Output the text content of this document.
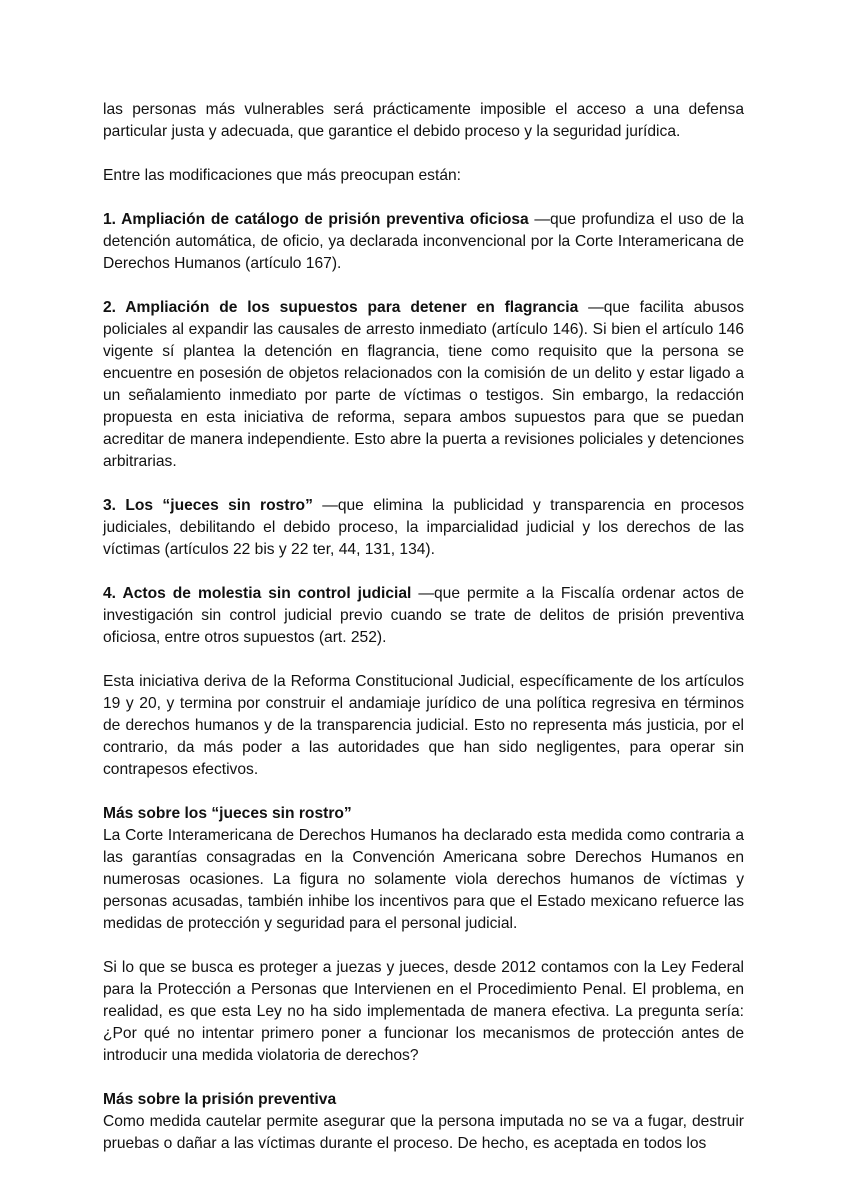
las personas más vulnerables será prácticamente imposible el acceso a una defensa particular justa y adecuada, que garantice el debido proceso y la seguridad jurídica.

Entre las modificaciones que más preocupan están:

1. Ampliación de catálogo de prisión preventiva oficiosa —que profundiza el uso de la detención automática, de oficio, ya declarada inconvencional por la Corte Interamericana de Derechos Humanos (artículo 167).

2. Ampliación de los supuestos para detener en flagrancia —que facilita abusos policiales al expandir las causales de arresto inmediato (artículo 146). Si bien el artículo 146 vigente sí plantea la detención en flagrancia, tiene como requisito que la persona se encuentre en posesión de objetos relacionados con la comisión de un delito y estar ligado a un señalamiento inmediato por parte de víctimas o testigos. Sin embargo, la redacción propuesta en esta iniciativa de reforma, separa ambos supuestos para que se puedan acreditar de manera independiente. Esto abre la puerta a revisiones policiales y detenciones arbitrarias.

3. Los “jueces sin rostro” —que elimina la publicidad y transparencia en procesos judiciales, debilitando el debido proceso, la imparcialidad judicial y los derechos de las víctimas (artículos 22 bis y 22 ter, 44, 131, 134).

4. Actos de molestia sin control judicial —que permite a la Fiscalía ordenar actos de investigación sin control judicial previo cuando se trate de delitos de prisión preventiva oficiosa, entre otros supuestos (art. 252).

Esta iniciativa deriva de la Reforma Constitucional Judicial, específicamente de los artículos 19 y 20, y termina por construir el andamiaje jurídico de una política regresiva en términos de derechos humanos y de la transparencia judicial. Esto no representa más justicia, por el contrario, da más poder a las autoridades que han sido negligentes, para operar sin contrapesos efectivos.

Más sobre los “jueces sin rostro”

La Corte Interamericana de Derechos Humanos ha declarado esta medida como contraria a las garantías consagradas en la Convención Americana sobre Derechos Humanos en numerosas ocasiones. La figura no solamente viola derechos humanos de víctimas y personas acusadas, también inhibe los incentivos para que el Estado mexicano refuerce las medidas de protección y seguridad para el personal judicial.

Si lo que se busca es proteger a juezas y jueces, desde 2012 contamos con la Ley Federal para la Protección a Personas que Intervienen en el Procedimiento Penal. El problema, en realidad, es que esta Ley no ha sido implementada de manera efectiva. La pregunta sería: ¿Por qué no intentar primero poner a funcionar los mecanismos de protección antes de introducir una medida violatoria de derechos?

Más sobre la prisión preventiva

Como medida cautelar permite asegurar que la persona imputada no se va a fugar, destruir pruebas o dañar a las víctimas durante el proceso. De hecho, es aceptada en todos los
